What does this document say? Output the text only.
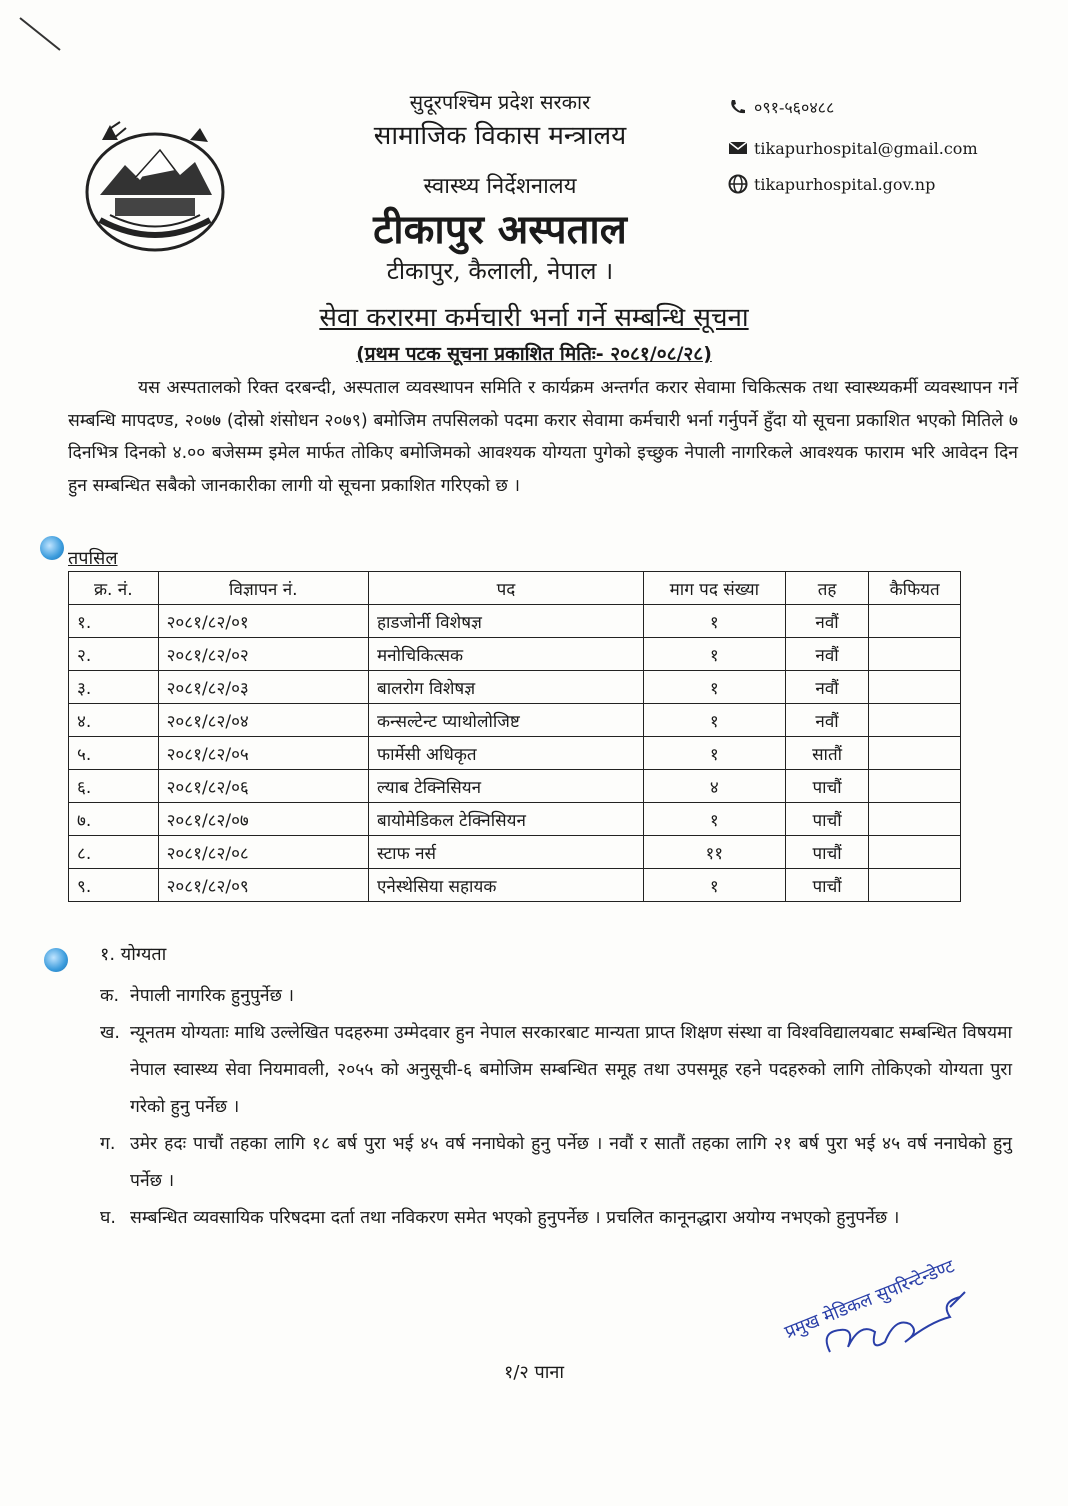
सुदूरपश्चिम प्रदेश सरकार
सामाजिक विकास मन्त्रालय
स्वास्थ्य निर्देशनालय
टीकापुर अस्पताल
टीकापुर, कैलाली, नेपाल ।
०९१-५६०४८८
tikapurhospital@gmail.com
tikapurhospital.gov.np
सेवा करारमा कर्मचारी भर्ना गर्ने सम्बन्धि सूचना
(प्रथम पटक सूचना प्रकाशित मितिः- २०८१/०८/२८)
यस अस्पतालको रिक्त दरबन्दी, अस्पताल व्यवस्थापन समिति र कार्यक्रम अन्तर्गत करार सेवामा चिकित्सक तथा स्वास्थ्यकर्मी व्यवस्थापन गर्ने सम्बन्धि मापदण्ड, २०७७ (दोस्रो शंसोधन २०७९) बमोजिम तपसिलको पदमा करार सेवामा कर्मचारी भर्ना गर्नुपर्ने हुँदा यो सूचना प्रकाशित भएको मितिले ७ दिनभित्र दिनको ४.०० बजेसम्म इमेल मार्फत तोकिए बमोजिमको आवश्यक योग्यता पुगेको इच्छुक नेपाली नागरिकले आवश्यक फाराम भरि आवेदन दिन हुन सम्बन्धित सबैको जानकारीका लागी यो सूचना प्रकाशित गरिएको छ ।
तपसिल
क्र. नं.	विज्ञापन नं.	पद	माग पद संख्या	तह	कैफियत
१.	२०८१/८२/०१	हाडजोर्नी विशेषज्ञ	१	नवौं	
२.	२०८१/८२/०२	मनोचिकित्सक	१	नवौं	
३.	२०८१/८२/०३	बालरोग विशेषज्ञ	१	नवौं	
४.	२०८१/८२/०४	कन्सल्टेन्ट प्याथोलोजिष्ट	१	नवौं	
५.	२०८१/८२/०५	फार्मेसी अधिकृत	१	सातौं	
६.	२०८१/८२/०६	ल्याब टेक्निसियन	४	पाचौं	
७.	२०८१/८२/०७	बायोमेडिकल टेक्निसियन	१	पाचौं	
८.	२०८१/८२/०८	स्टाफ नर्स	११	पाचौं	
९.	२०८१/८२/०९	एनेस्थेसिया सहायक	१	पाचौं	
१. योग्यता
क. नेपाली नागरिक हुनुपुर्नेछ ।
ख. न्यूनतम योग्यताः माथि उल्लेखित पदहरुमा उम्मेदवार हुन नेपाल सरकारबाट मान्यता प्राप्त शिक्षण संस्था वा विश्वविद्यालयबाट सम्बन्धित विषयमा नेपाल स्वास्थ्य सेवा नियमावली, २०५५ को अनुसूची-६ बमोजिम सम्बन्धित समूह तथा उपसमूह रहने पदहरुको लागि तोकिएको योग्यता पुरा गरेको हुनु पर्नेछ ।
ग. उमेर हदः पाचौं तहका लागि १८ बर्ष पुरा भई ४५ वर्ष ननाघेको हुनु पर्नेछ । नवौं र सातौं तहका लागि २१ बर्ष पुरा भई ४५ वर्ष ननाघेको हुनु पर्नेछ ।
घ. सम्बन्धित व्यवसायिक परिषदमा दर्ता तथा नविकरण समेत भएको हुनुपर्नेछ । प्रचलित कानूनद्धारा अयोग्य नभएको हुनुपर्नेछ ।
प्रमुख मेडिकल सुपरिन्टेन्डेण्ट
१/२ पाना
